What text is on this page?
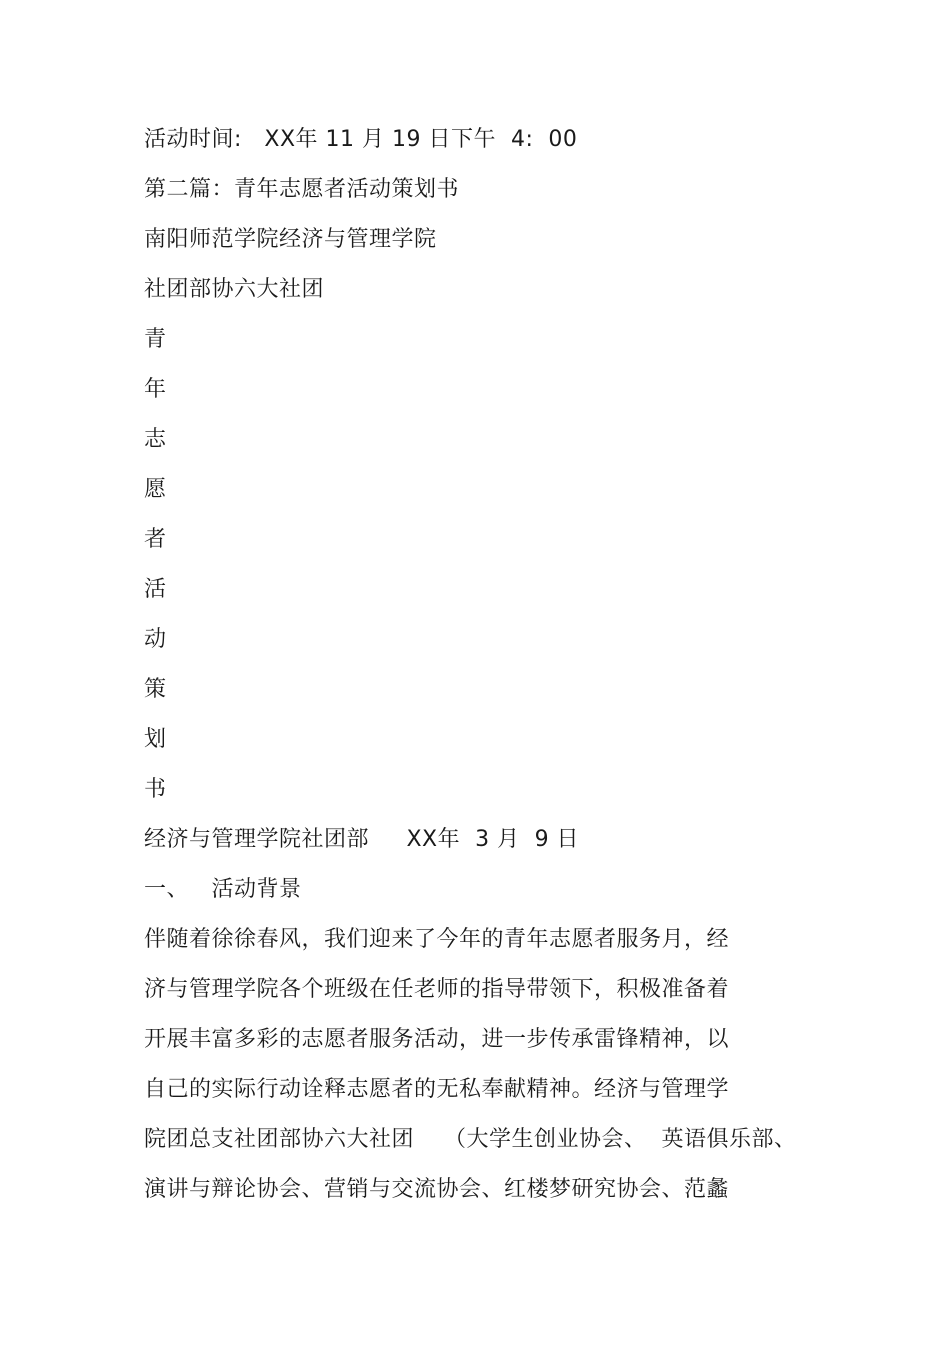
活动时间:   XX年 11 月 19 日下午  4:  00
第二篇：青年志愿者活动策划书
南阳师范学院经济与管理学院
社团部协六大社团
青
年
志
愿
者
活
动
策
划
书
经济与管理学院社团部     XX年  3 月  9 日
一、   活动背景
伴随着徐徐春风，我们迎来了今年的青年志愿者服务月，经
济与管理学院各个班级在任老师的指导带领下，积极准备着
开展丰富多彩的志愿者服务活动，进一步传承雷锋精神，以
自己的实际行动诠释志愿者的无私奉献精神。经济与管理学
院团总支社团部协六大社团    （大学生创业协会、  英语俱乐部、
演讲与辩论协会、营销与交流协会、红楼梦研究协会、范蠡
